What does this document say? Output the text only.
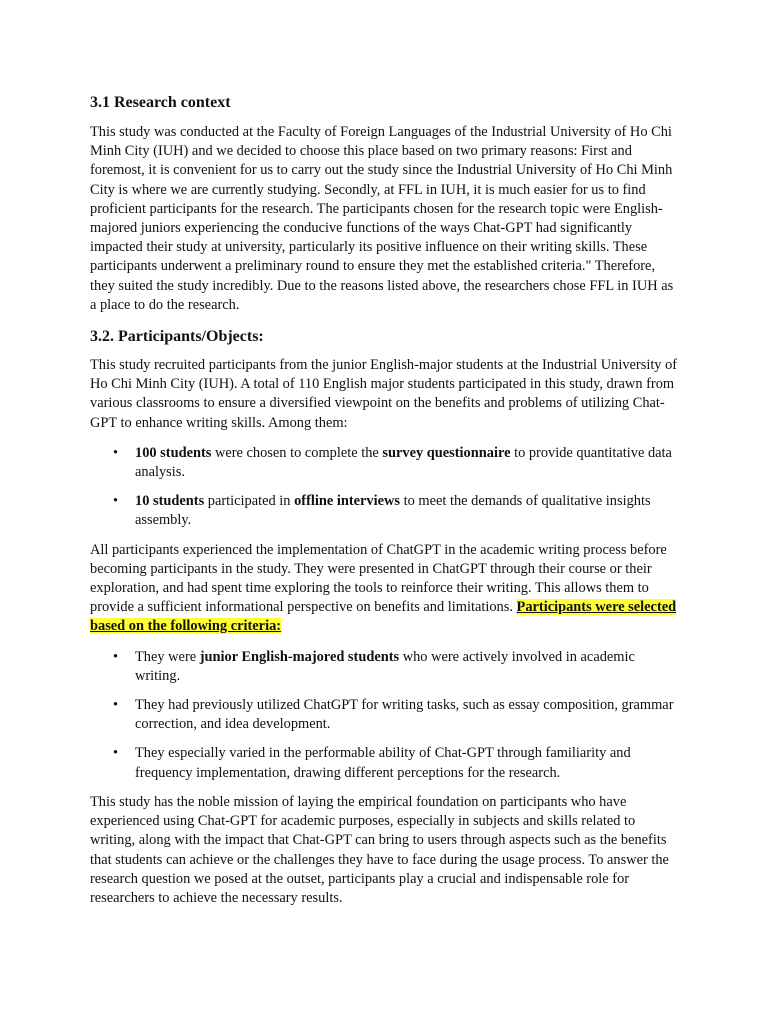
3.1 Research context

This study was conducted at the Faculty of Foreign Languages of the Industrial University of Ho Chi Minh City (IUH) and we decided to choose this place based on two primary reasons: First and foremost, it is convenient for us to carry out the study since the Industrial University of Ho Chi Minh City is where we are currently studying. Secondly, at FFL in IUH, it is much easier for us to find proficient participants for the research. The participants chosen for the research topic were English-majored juniors experiencing the conducive functions of the ways Chat-GPT had significantly impacted their study at university, particularly its positive influence on their writing skills. These participants underwent a preliminary round to ensure they met the established criteria." Therefore, they suited the study incredibly. Due to the reasons listed above, the researchers chose FFL in IUH as a place to do the research.

3.2. Participants/Objects:

This study recruited participants from the junior English-major students at the Industrial University of Ho Chi Minh City (IUH). A total of 110 English major students participated in this study, drawn from various classrooms to ensure a diversified viewpoint on the benefits and problems of utilizing Chat-GPT to enhance writing skills. Among them:

• 100 students were chosen to complete the survey questionnaire to provide quantitative data analysis.
• 10 students participated in offline interviews to meet the demands of qualitative insights assembly.

All participants experienced the implementation of ChatGPT in the academic writing process before becoming participants in the study. They were presented in ChatGPT through their course or their exploration, and had spent time exploring the tools to reinforce their writing. This allows them to provide a sufficient informational perspective on benefits and limitations. Participants were selected based on the following criteria:

• They were junior English-majored students who were actively involved in academic writing.
• They had previously utilized ChatGPT for writing tasks, such as essay composition, grammar correction, and idea development.
• They especially varied in the performable ability of Chat-GPT through familiarity and frequency implementation, drawing different perceptions for the research.

This study has the noble mission of laying the empirical foundation on participants who have experienced using Chat-GPT for academic purposes, especially in subjects and skills related to writing, along with the impact that Chat-GPT can bring to users through aspects such as the benefits that students can achieve or the challenges they have to face during the usage process. To answer the research question we posed at the outset, participants play a crucial and indispensable role for researchers to achieve the necessary results.
